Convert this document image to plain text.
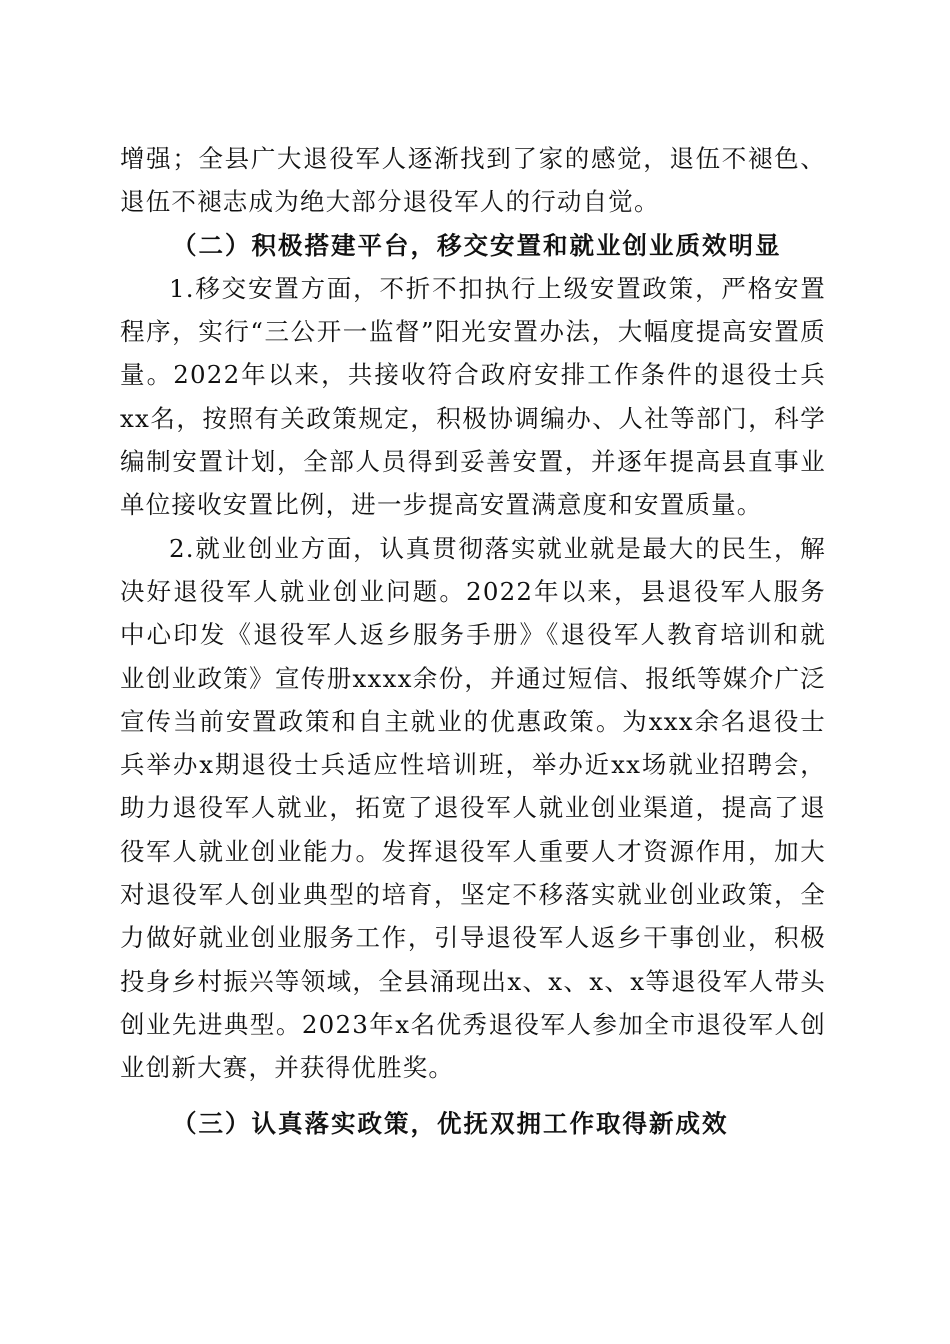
增强；全县广大退役军人逐渐找到了家的感觉，退伍不褪色、退伍不褪志成为绝大部分退役军人的行动自觉。

（二）积极搭建平台，移交安置和就业创业质效明显

1.移交安置方面，不折不扣执行上级安置政策，严格安置程序，实行“三公开一监督”阳光安置办法，大幅度提高安置质量。2022年以来，共接收符合政府安排工作条件的退役士兵xx名，按照有关政策规定，积极协调编办、人社等部门，科学编制安置计划，全部人员得到妥善安置，并逐年提高县直事业单位接收安置比例，进一步提高安置满意度和安置质量。

2.就业创业方面，认真贯彻落实就业就是最大的民生，解决好退役军人就业创业问题。2022年以来，县退役军人服务中心印发《退役军人返乡服务手册》《退役军人教育培训和就业创业政策》宣传册xxxx余份，并通过短信、报纸等媒介广泛宣传当前安置政策和自主就业的优惠政策。为xxx余名退役士兵举办x期退役士兵适应性培训班，举办近xx场就业招聘会，助力退役军人就业，拓宽了退役军人就业创业渠道，提高了退役军人就业创业能力。发挥退役军人重要人才资源作用，加大对退役军人创业典型的培育，坚定不移落实就业创业政策，全力做好就业创业服务工作，引导退役军人返乡干事创业，积极投身乡村振兴等领域，全县涌现出x、x、x、x等退役军人带头创业先进典型。2023年x名优秀退役军人参加全市退役军人创业创新大赛，并获得优胜奖。

（三）认真落实政策，优抚双拥工作取得新成效
